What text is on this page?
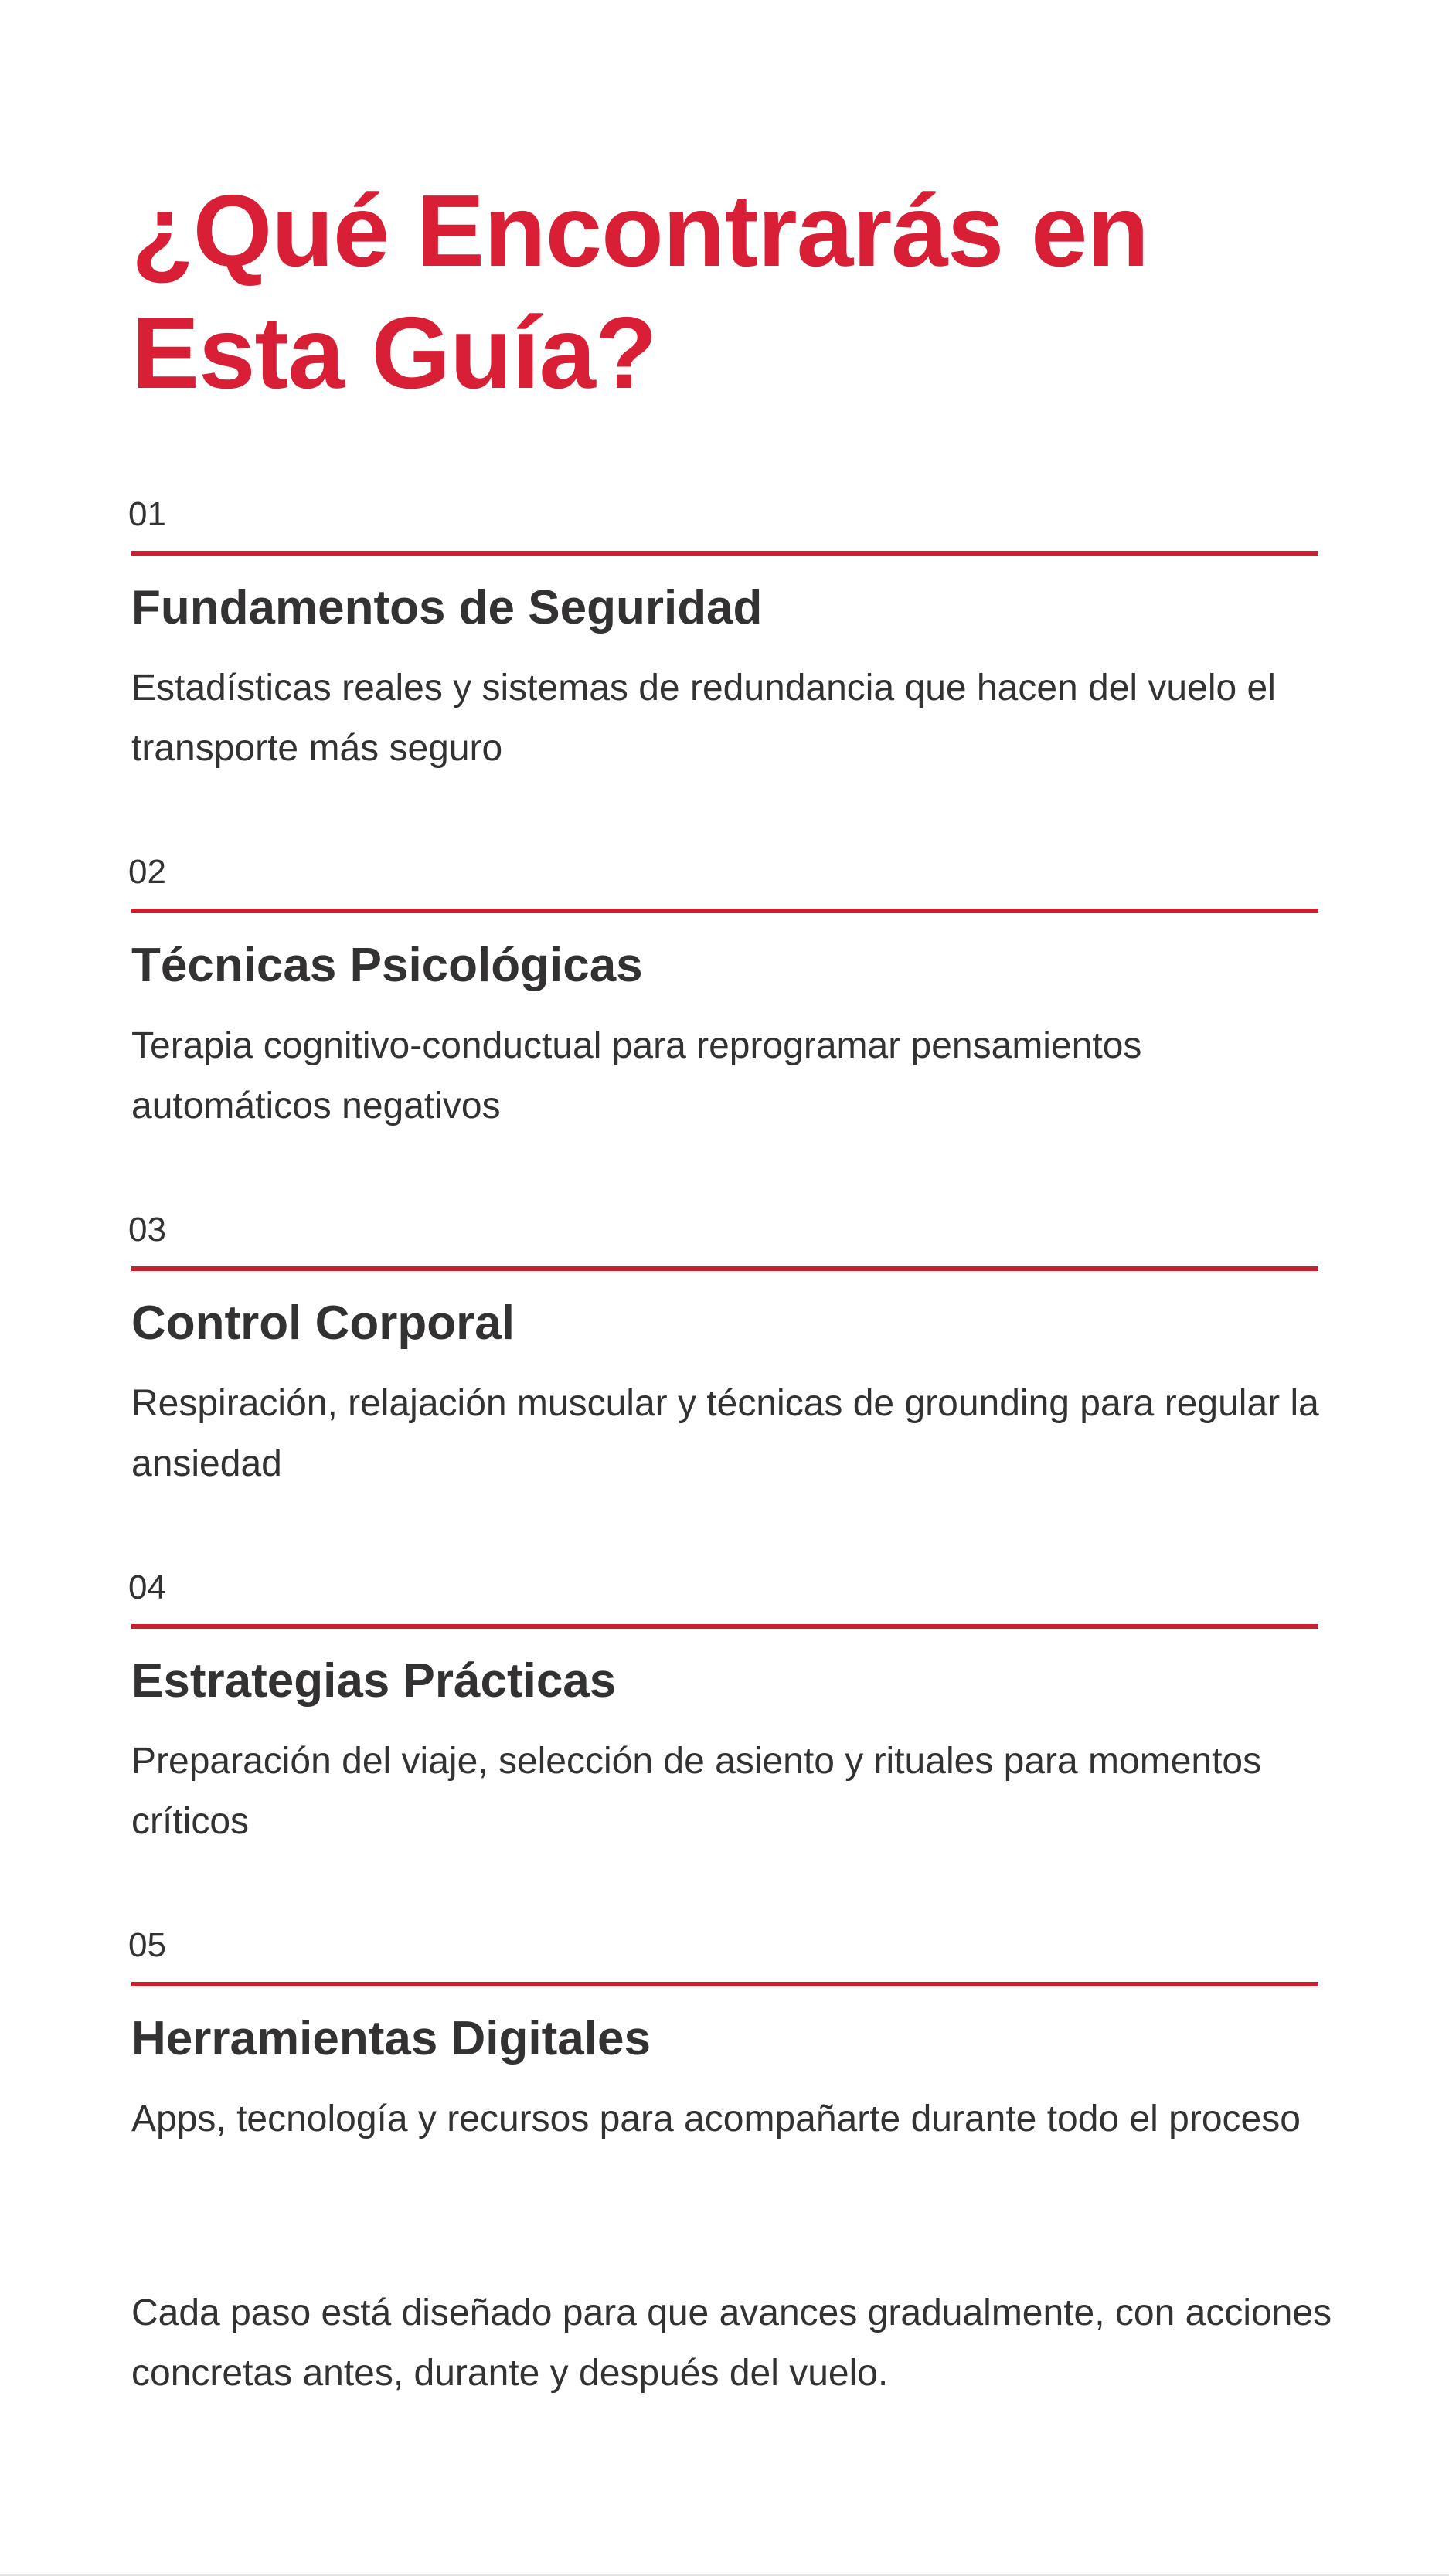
¿Qué Encontrarás en Esta Guía?
01
Fundamentos de Seguridad

Estadísticas reales y sistemas de redundancia que hacen del vuelo el transporte más seguro

02
Técnicas Psicológicas

Terapia cognitivo-conductual para reprogramar pensamientos automáticos negativos

03
Control Corporal

Respiración, relajación muscular y técnicas de grounding para regular la ansiedad

04
Estrategias Prácticas

Preparación del viaje, selección de asiento y rituales para momentos críticos

05
Herramientas Digitales

Apps, tecnología y recursos para acompañarte durante todo el proceso

Cada paso está diseñado para que avances gradualmente, con acciones concretas antes, durante y después del vuelo.
